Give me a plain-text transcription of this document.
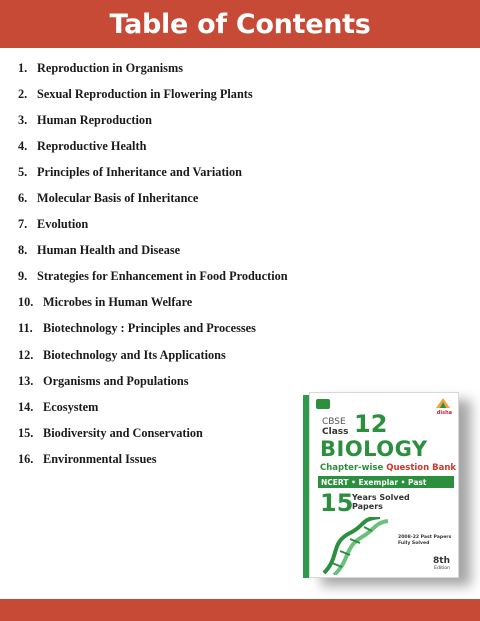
Table of Contents
1. Reproduction in Organisms
2. Sexual Reproduction in Flowering Plants
3. Human Reproduction
4. Reproductive Health
5. Principles of Inheritance and Variation
6. Molecular Basis of Inheritance
7. Evolution
8. Human Health and Disease
9. Strategies for Enhancement in Food Production
10. Microbes in Human Welfare
11. Biotechnology : Principles and Processes
12. Biotechnology and Its Applications
13. Organisms and Populations
14. Ecosystem
15. Biodiversity and Conservation
16. Environmental Issues
disha
CBSE
Class 12
BIOLOGY
Chapter-wise Question Bank
NCERT • Exemplar • Past
15
Years Solved
Papers
2008-22 Past Papers
Fully Solved
8th
Edition
